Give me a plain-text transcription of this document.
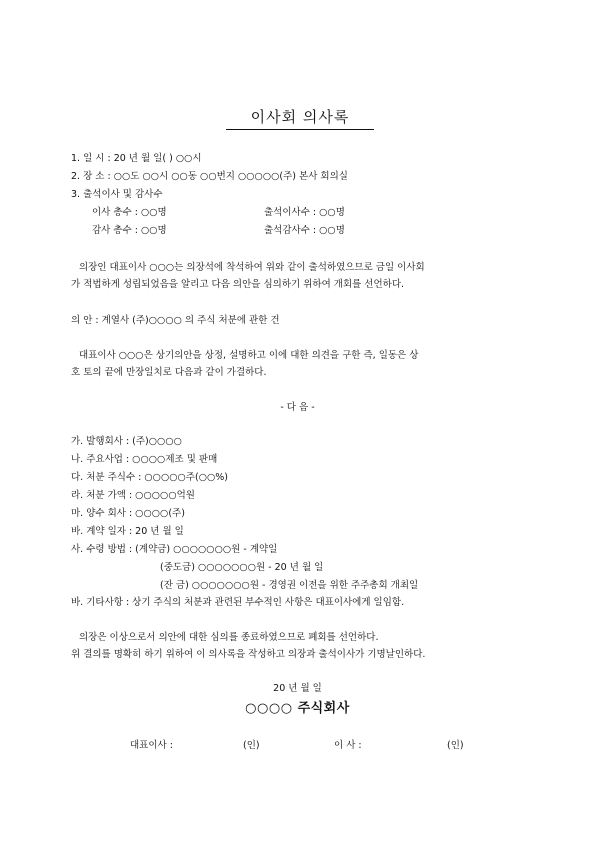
이사회 의사록
1. 일 시 : 20 년 월 일( ) ○○시
2. 장 소 : ○○도 ○○시 ○○동 ○○번지 ○○○○○(주) 본사 회의실
3. 출석이사 및 감사수
이사 총수 : ○○명	출석이사수 : ○○명
감사 총수 : ○○명	출석감사수 : ○○명
의장인 대표이사 ○○○는 의장석에 착석하여 위와 같이 출석하였으므로 금일 이사회
가 적법하게 성립되었음을 알리고 다음 의안을 심의하기 위하여 개회를 선언하다.
의 안 : 계열사 (주)○○○○ 의 주식 처분에 관한 건
대표이사 ○○○은 상기의안을 상정, 설명하고 이에 대한 의견을 구한 즉, 일동은 상
호 토의 끝에 만장일치로 다음과 같이 가결하다.
- 다 음 -
가. 발행회사 : (주)○○○○
나. 주요사업 : ○○○○제조 및 판매
다. 처분 주식수 : ○○○○○주(○○%)
라. 처분 가액 : ○○○○○억원
마. 양수 회사 : ○○○○(주)
바. 계약 일자 : 20 년 월 일
사. 수령 방법 : (계약금) ○○○○○○○원 - 계약일
(중도금) ○○○○○○○원 - 20 년 월 일
(잔 금) ○○○○○○○원 - 경영권 이전을 위한 주주총회 개최일
바. 기타사항 : 상기 주식의 처분과 관련된 부수적인 사항은 대표이사에게 일임함.
의장은 이상으로서 의안에 대한 심의를 종료하였으므로 폐회를 선언하다.
위 결의를 명확히 하기 위하여 이 의사록을 작성하고 의장과 출석이사가 기명날인하다.
20 년 월 일
○○○○ 주식회사
대표이사 :	(인)	이 사 :	(인)
